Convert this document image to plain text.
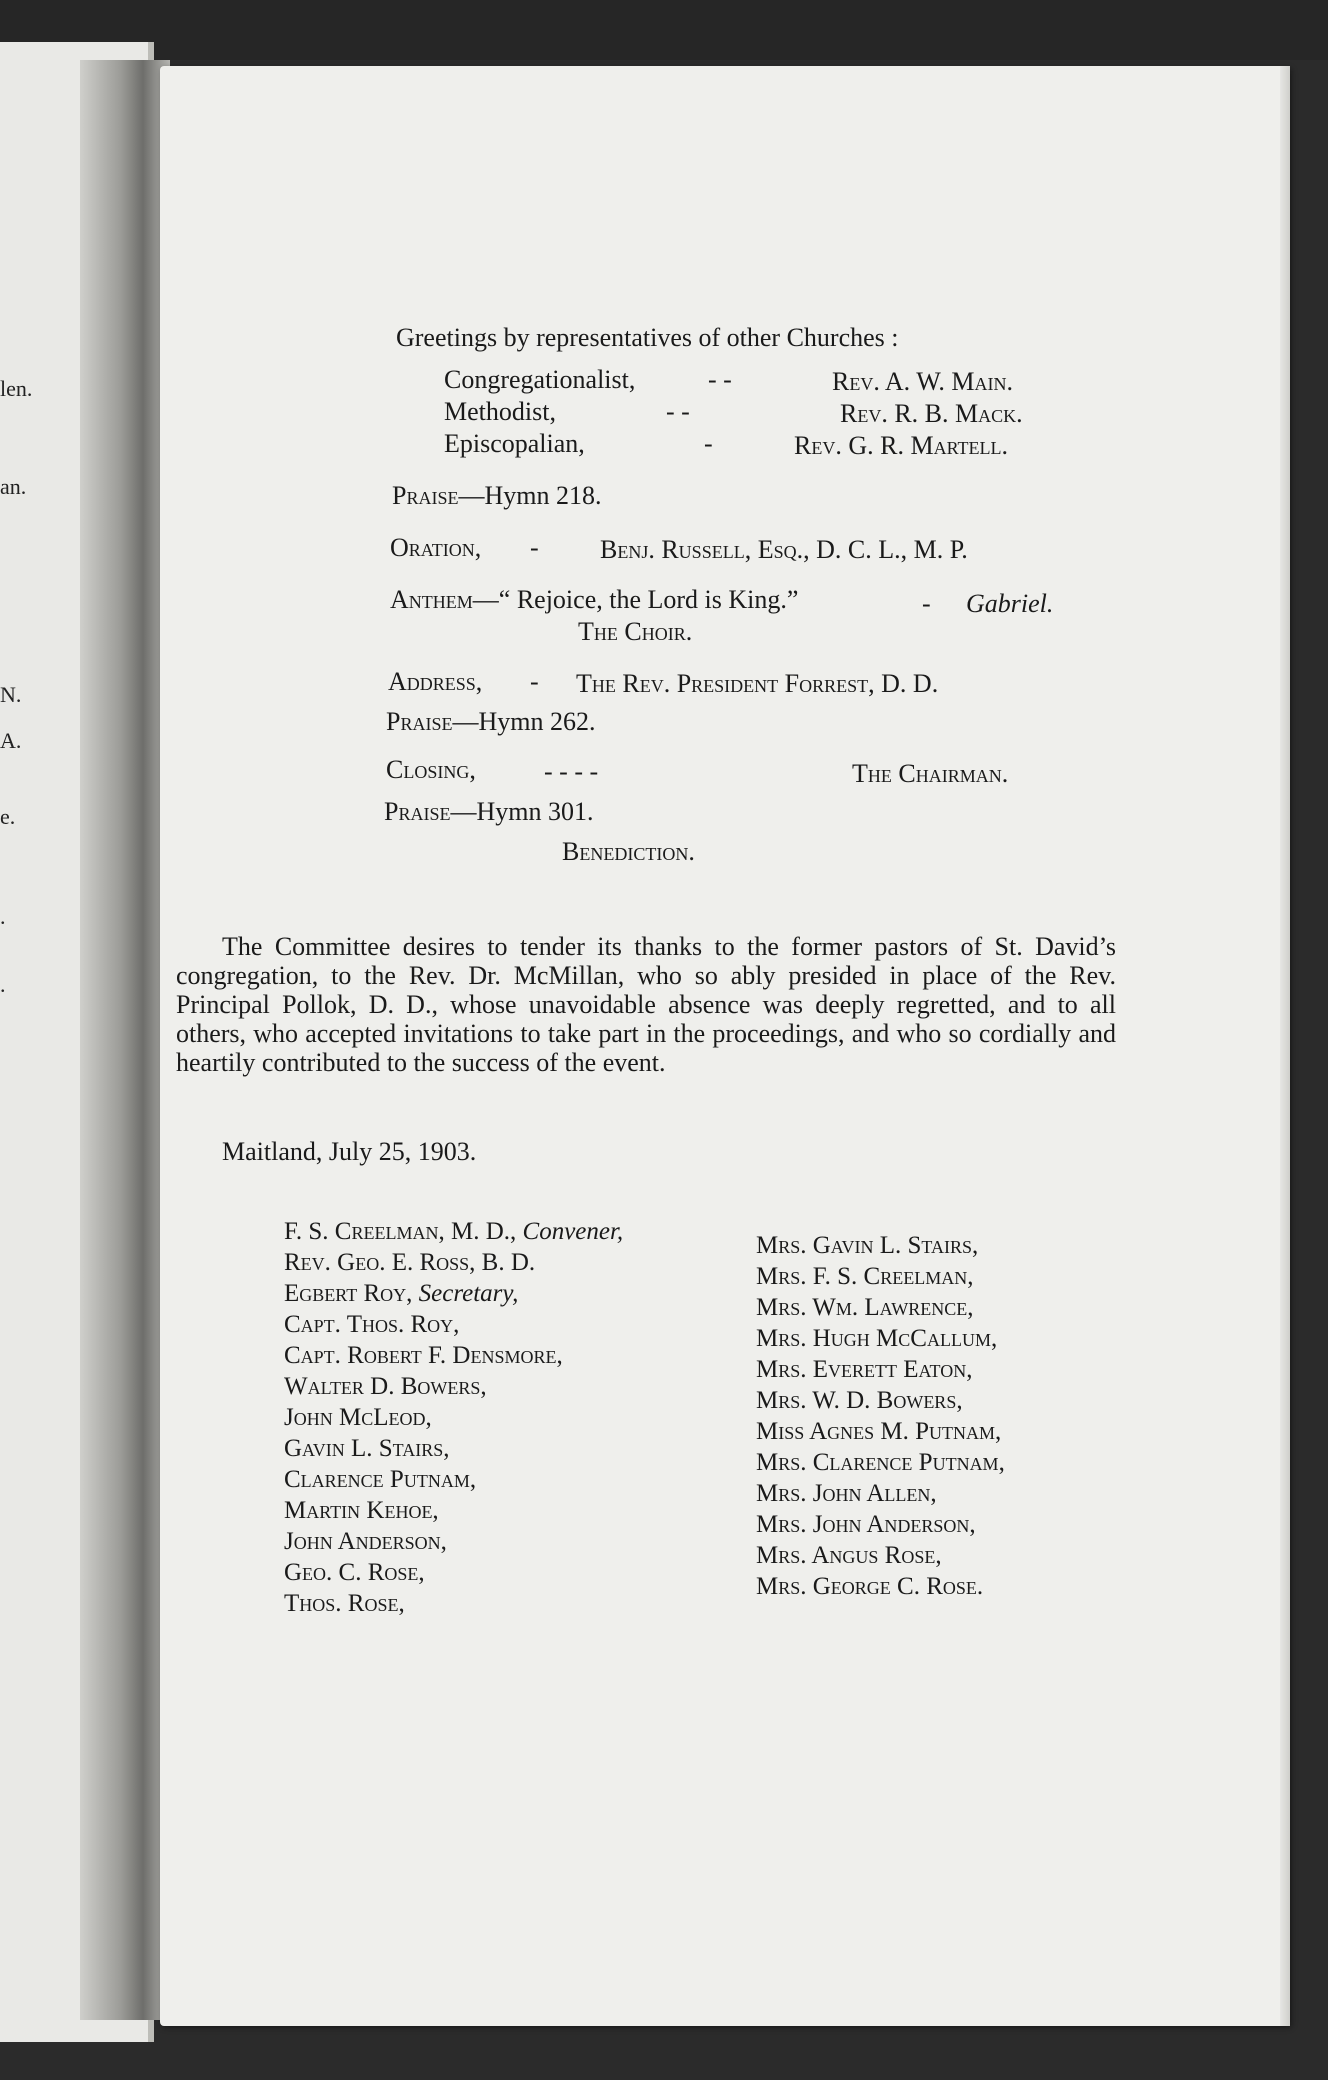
len.
an.
N.
A.
e.
.
.
Greetings by representatives of other Churches :
Congregationalist,	- -	Rev. A. W. Main.
Methodist,	- -	Rev. R. B. Mack.
Episcopalian,	-	Rev. G. R. Martell.
Praise—Hymn 218.
Oration, - Benj. Russell, Esq., D. C. L., M. P.
Anthem—“ Rejoice, the Lord is King.”	- Gabriel.
The Choir.
Address, - The Rev. President Forrest, D. D.
Praise—Hymn 262.
Closing,	- - - -	The Chairman.
Praise—Hymn 301.
Benediction.
The Committee desires to tender its thanks to the former pastors of St. David’s congregation, to the Rev. Dr. McMillan, who so ably presided in place of the Rev. Principal Pollok, D. D., whose unavoidable absence was deeply regretted, and to all others, who accepted invitations to take part in the proceedings, and who so cordially and heartily contributed to the success of the event.
Maitland, July 25, 1903.
F. S. Creelman, M. D., Convener,
Rev. Geo. E. Ross, B. D.
Egbert Roy, Secretary,
Capt. Thos. Roy,
Capt. Robert F. Densmore,
Walter D. Bowers,
John McLeod,
Gavin L. Stairs,
Clarence Putnam,
Martin Kehoe,
John Anderson,
Geo. C. Rose,
Thos. Rose,
Mrs. Gavin L. Stairs,
Mrs. F. S. Creelman,
Mrs. Wm. Lawrence,
Mrs. Hugh McCallum,
Mrs. Everett Eaton,
Mrs. W. D. Bowers,
Miss Agnes M. Putnam,
Mrs. Clarence Putnam,
Mrs. John Allen,
Mrs. John Anderson,
Mrs. Angus Rose,
Mrs. George C. Rose.
